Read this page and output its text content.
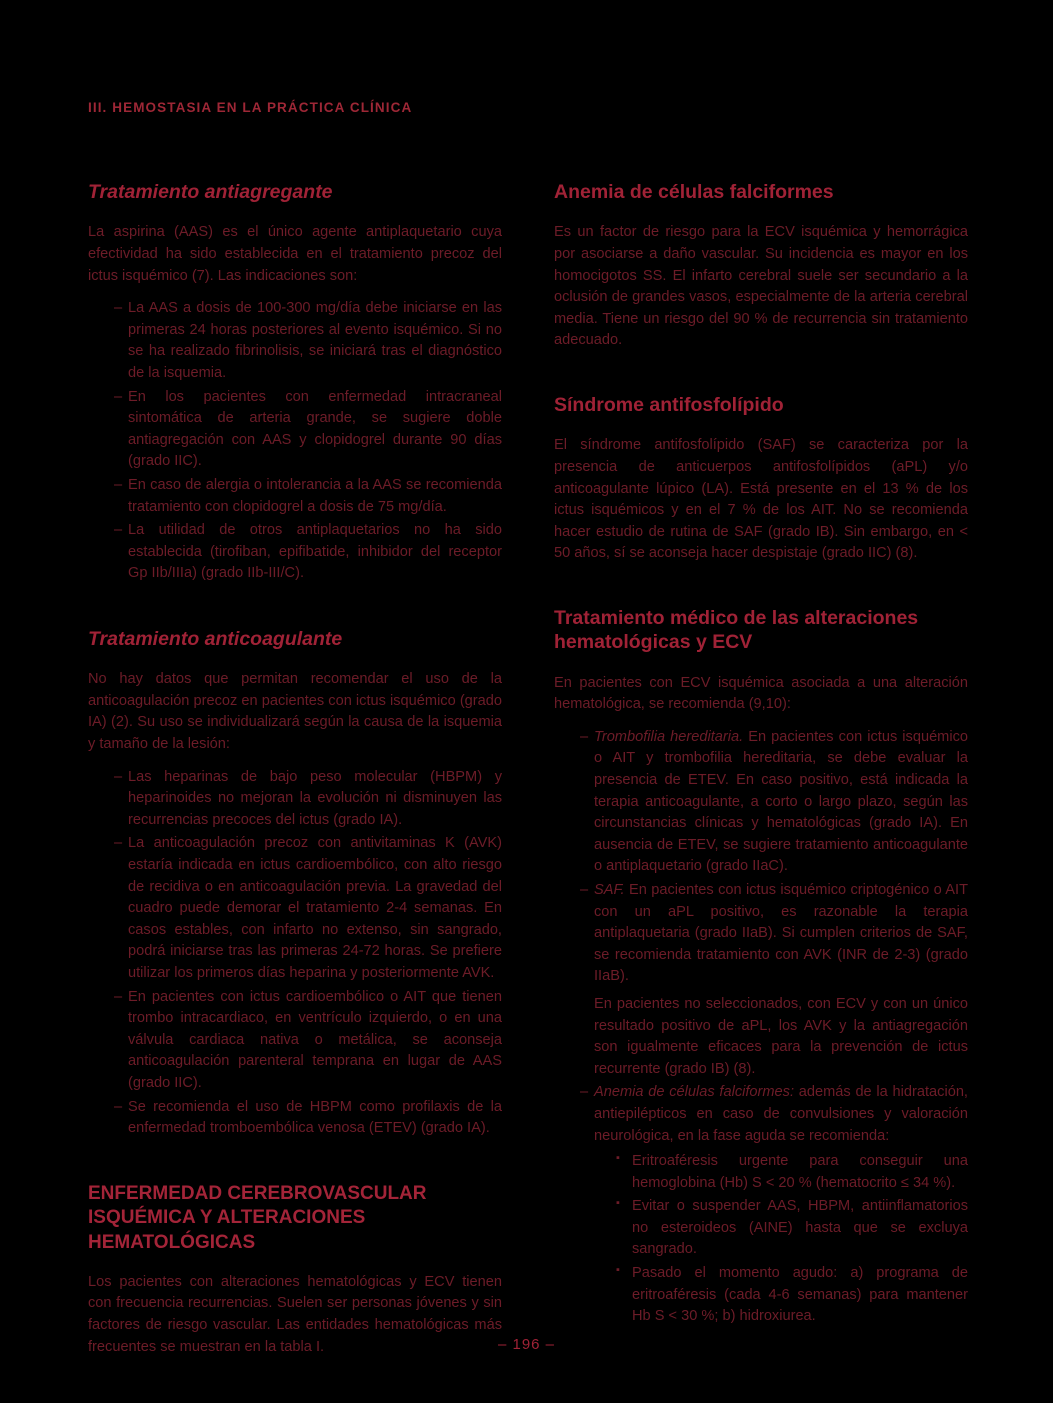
III. HEMOSTASIA EN LA PRÁCTICA CLÍNICA
Tratamiento antiagregante

La aspirina (AAS) es el único agente antiplaquetario cuya efectividad ha sido establecida en el tratamiento precoz del ictus isquémico (7). Las indicaciones son:

– La AAS a dosis de 100-300 mg/día debe iniciarse en las primeras 24 horas posteriores al evento isquémico. Si no se ha realizado fibrinolisis, se iniciará tras el diagnóstico de la isquemia.
– En los pacientes con enfermedad intracraneal sintomática de arteria grande, se sugiere doble antiagregación con AAS y clopidogrel durante 90 días (grado IIC).
– En caso de alergia o intolerancia a la AAS se recomienda tratamiento con clopidogrel a dosis de 75 mg/día.
– La utilidad de otros antiplaquetarios no ha sido establecida (tirofiban, epifibatide, inhibidor del receptor Gp IIb/IIIa) (grado IIb-III/C).
Tratamiento anticoagulante

No hay datos que permitan recomendar el uso de la anticoagulación precoz en pacientes con ictus isquémico (grado IA) (2). Su uso se individualizará según la causa de la isquemia y tamaño de la lesión:

– Las heparinas de bajo peso molecular (HBPM) y heparinoides no mejoran la evolución ni disminuyen las recurrencias precoces del ictus (grado IA).
– La anticoagulación precoz con antivitaminas K (AVK) estaría indicada en ictus cardioembólico, con alto riesgo de recidiva o en anticoagulación previa. La gravedad del cuadro puede demorar el tratamiento 2-4 semanas. En casos estables, con infarto no extenso, sin sangrado, podrá iniciarse tras las primeras 24-72 horas. Se prefiere utilizar los primeros días heparina y posteriormente AVK.
– En pacientes con ictus cardioembólico o AIT que tienen trombo intracardiaco, en ventrículo izquierdo, o en una válvula cardiaca nativa o metálica, se aconseja anticoagulación parenteral temprana en lugar de AAS (grado IIC).
– Se recomienda el uso de HBPM como profilaxis de la enfermedad tromboembólica venosa (ETEV) (grado IA).
ENFERMEDAD CEREBROVASCULAR ISQUÉMICA Y ALTERACIONES HEMATOLÓGICAS

Los pacientes con alteraciones hematológicas y ECV tienen con frecuencia recurrencias. Suelen ser personas jóvenes y sin factores de riesgo vascular. Las entidades hematológicas más frecuentes se muestran en la tabla I.

Anemia de células falciformes

Es un factor de riesgo para la ECV isquémica y hemorrágica por asociarse a daño vascular. Su incidencia es mayor en los homocigotos SS. El infarto cerebral suele ser secundario a la oclusión de grandes vasos, especialmente de la arteria cerebral media. Tiene un riesgo del 90 % de recurrencia sin tratamiento adecuado.

Síndrome antifosfolípido

El síndrome antifosfolípido (SAF) se caracteriza por la presencia de anticuerpos antifosfolípidos (aPL) y/o anticoagulante lúpico (LA). Está presente en el 13 % de los ictus isquémicos y en el 7 % de los AIT. No se recomienda hacer estudio de rutina de SAF (grado IB). Sin embargo, en < 50 años, sí se aconseja hacer despistaje (grado IIC) (8).

Tratamiento médico de las alteraciones hematológicas y ECV

En pacientes con ECV isquémica asociada a una alteración hematológica, se recomienda (9,10):

– Trombofilia hereditaria. En pacientes con ictus isquémico o AIT y trombofilia hereditaria, se debe evaluar la presencia de ETEV. En caso positivo, está indicada la terapia anticoagulante, a corto o largo plazo, según las circunstancias clínicas y hematológicas (grado IA). En ausencia de ETEV, se sugiere tratamiento anticoagulante o antiplaquetario (grado IIaC).
– SAF. En pacientes con ictus isquémico criptogénico o AIT con un aPL positivo, es razonable la terapia antiplaquetaria (grado IIaB). Si cumplen criterios de SAF, se recomienda tratamiento con AVK (INR de 2-3) (grado IIaB).
En pacientes no seleccionados, con ECV y con un único resultado positivo de aPL, los AVK y la antiagregación son igualmente eficaces para la prevención de ictus recurrente (grado IB) (8).
– Anemia de células falciformes: además de la hidratación, antiepilépticos en caso de convulsiones y valoración neurológica, en la fase aguda se recomienda:
▪ Eritroaféresis urgente para conseguir una hemoglobina (Hb) S < 20 % (hematocrito ≤ 34 %).
▪ Evitar o suspender AAS, HBPM, antiinflamatorios no esteroideos (AINE) hasta que se excluya sangrado.
▪ Pasado el momento agudo: a) programa de eritroaféresis (cada 4-6 semanas) para mantener Hb S < 30 %; b) hidroxiurea.
– 196 –
